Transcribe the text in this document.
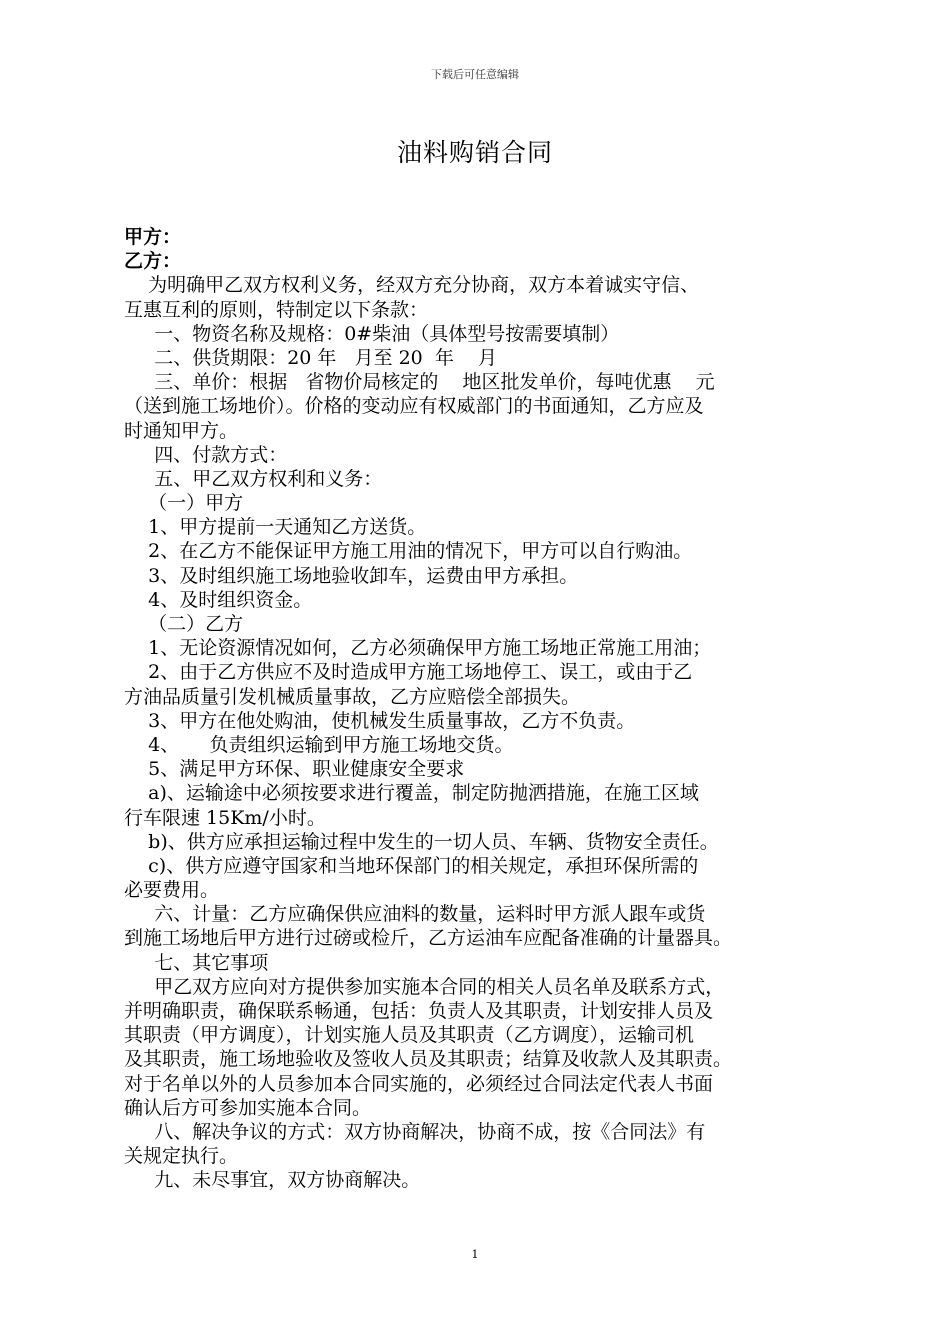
下载后可任意编辑
油料购销合同
甲方：
乙方：
为明确甲乙双方权利义务，经双方充分协商，双方本着诚实守信、
互惠互利的原则，特制定以下条款：
一、物资名称及规格：0#柴油（具体型号按需要填制）
二、供货期限：20 年   月至 20  年    月
三、单价：根据   省物价局核定的    地区批发单价，每吨优惠    元
（送到施工场地价）。价格的变动应有权威部门的书面通知，乙方应及
时通知甲方。
四、付款方式：
五、甲乙双方权利和义务：
（一）甲方
1、甲方提前一天通知乙方送货。
2、在乙方不能保证甲方施工用油的情况下，甲方可以自行购油。
3、及时组织施工场地验收卸车，运费由甲方承担。
4、及时组织资金。
（二）乙方
1、无论资源情况如何，乙方必须确保甲方施工场地正常施工用油；
2、由于乙方供应不及时造成甲方施工场地停工、误工，或由于乙
方油品质量引发机械质量事故，乙方应赔偿全部损失。
3、甲方在他处购油，使机械发生质量事故，乙方不负责。
4、     负责组织运输到甲方施工场地交货。
5、满足甲方环保、职业健康安全要求
a)、运输途中必须按要求进行覆盖，制定防抛洒措施，在施工区域
行车限速 15Km/小时。
b)、供方应承担运输过程中发生的一切人员、车辆、货物安全责任。
c)、供方应遵守国家和当地环保部门的相关规定，承担环保所需的
必要费用。
六、计量：乙方应确保供应油料的数量，运料时甲方派人跟车或货
到施工场地后甲方进行过磅或检斤，乙方运油车应配备准确的计量器具。
七、其它事项
甲乙双方应向对方提供参加实施本合同的相关人员名单及联系方式，
并明确职责，确保联系畅通，包括：负责人及其职责，计划安排人员及
其职责（甲方调度），计划实施人员及其职责（乙方调度），运输司机
及其职责，施工场地验收及签收人员及其职责；结算及收款人及其职责。
对于名单以外的人员参加本合同实施的，必须经过合同法定代表人书面
确认后方可参加实施本合同。
八、解决争议的方式：双方协商解决，协商不成，按《合同法》有
关规定执行。
九、未尽事宜，双方协商解决。
1
